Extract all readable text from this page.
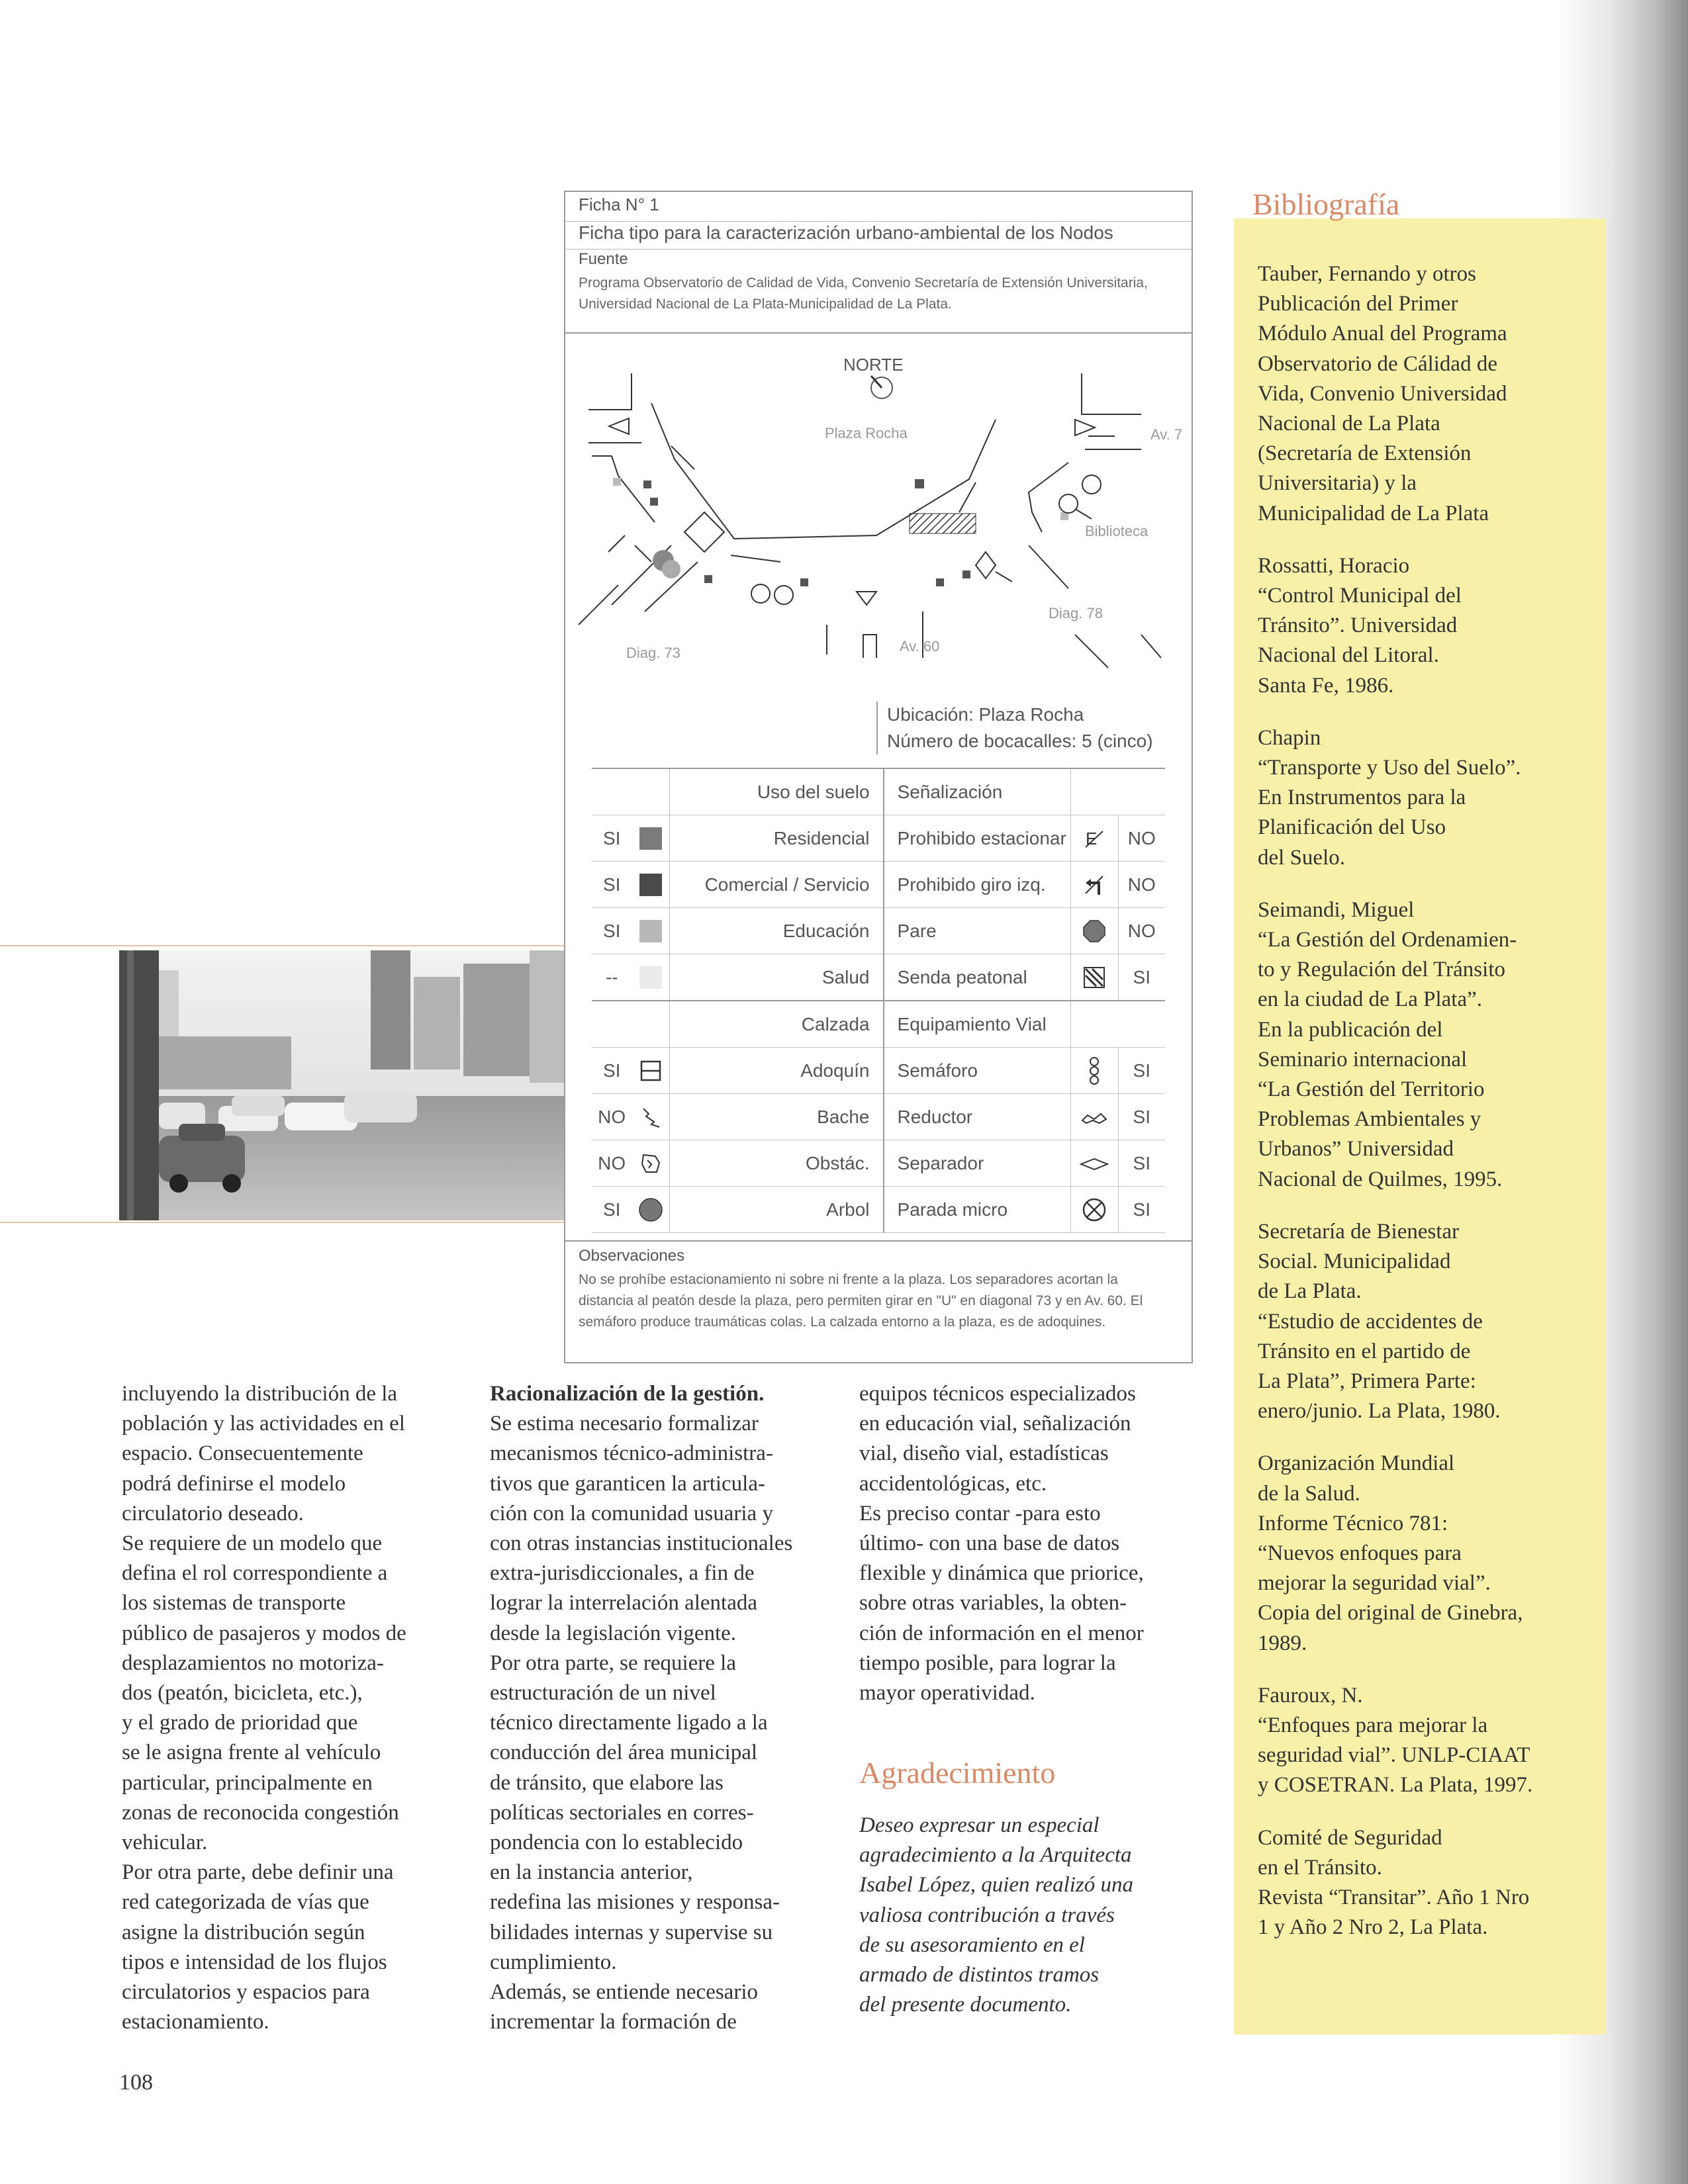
Ficha N° 1
Ficha tipo para la caracterización urbano-ambiental de los Nodos
Fuente
Programa Observatorio de Calidad de Vida, Convenio Secretaría de Extensión Universitaria, Universidad Nacional de La Plata-Municipalidad de La Plata.
NORTE
Plaza Rocha	Av. 7
Biblioteca
Diag. 78
Diag. 73	Av. 60
Ubicación: Plaza Rocha
Número de bocacalles: 5 (cinco)
		Uso del suelo	Señalización		
SI		Residencial	Prohibido estacionar	E	NO
SI		Comercial / Servicio	Prohibido giro izq.		NO
SI		Educación	Pare		NO
--		Salud	Senda peatonal		SI
		Calzada	Equipamiento Vial		
SI		Adoquín	Semáforo		SI
NO		Bache	Reductor		SI
NO		Obstác.	Separador		SI
SI		Arbol	Parada micro		SI
Observaciones
No se prohíbe estacionamiento ni sobre ni frente a la plaza. Los separadores acortan la distancia al peatón desde la plaza, pero permiten girar en "U" en diagonal 73 y en Av. 60. El semáforo produce traumáticas colas. La calzada entorno a la plaza, es de adoquines.

incluyendo la distribución de la

población y las actividades en el

espacio. Consecuentemente

podrá definirse el modelo

circulatorio deseado.

Se requiere de un modelo que

defina el rol correspondiente a

los sistemas de transporte

público de pasajeros y modos de

desplazamientos no motoriza-

dos (peatón, bicicleta, etc.),

y el grado de prioridad que

se le asigna frente al vehículo

particular, principalmente en

zonas de reconocida congestión

vehicular.

Por otra parte, debe definir una

red categorizada de vías que

asigne la distribución según

tipos e intensidad de los flujos

circulatorios y espacios para

estacionamiento.

Racionalización de la gestión.

Se estima necesario formalizar

mecanismos técnico-administra-

tivos que garanticen la articula-

ción con la comunidad usuaria y

con otras instancias institucionales

extra-jurisdiccionales, a fin de

lograr la interrelación alentada

desde la legislación vigente.

Por otra parte, se requiere la

estructuración de un nivel

técnico directamente ligado a la

conducción del área municipal

de tránsito, que elabore las

políticas sectoriales en corres-

pondencia con lo establecido

en la instancia anterior,

redefina las misiones y responsa-

bilidades internas y supervise su

cumplimiento.

Además, se entiende necesario

incrementar la formación de

equipos técnicos especializados

en educación vial, señalización

vial, diseño vial, estadísticas

accidentológicas, etc.

Es preciso contar -para esto

último- con una base de datos

flexible y dinámica que priorice,

sobre otras variables, la obten-

ción de información en el menor

tiempo posible, para lograr la

mayor operatividad.

Agradecimiento
Deseo expresar un especial
agradecimiento a la Arquitecta
Isabel López, quien realizó una
valiosa contribución a través
de su asesoramiento en el
armado de distintos tramos
del presente documento.

Tauber, Fernando y otros

Publicación del Primer

Módulo Anual del Programa

Observatorio de Cálidad de

Vida, Convenio Universidad

Nacional de La Plata

(Secretaría de Extensión

Universitaria) y la

Municipalidad de La Plata

Rossatti, Horacio

“Control Municipal del

Tránsito”. Universidad

Nacional del Litoral.

Santa Fe, 1986.

Chapin

“Transporte y Uso del Suelo”.

En Instrumentos para la

Planificación del Uso

del Suelo.

Seimandi, Miguel

“La Gestión del Ordenamien-

to y Regulación del Tránsito

en la ciudad de La Plata”.

En la publicación del

Seminario internacional

“La Gestión del Territorio

Problemas Ambientales y

Urbanos” Universidad

Nacional de Quilmes, 1995.

Secretaría de Bienestar

Social. Municipalidad

de La Plata.

“Estudio de accidentes de

Tránsito en el partido de

La Plata”, Primera Parte:

enero/junio. La Plata, 1980.

Organización Mundial

de la Salud.

Informe Técnico 781:

“Nuevos enfoques para

mejorar la seguridad vial”.

Copia del original de Ginebra,

1989.

Fauroux, N.

“Enfoques para mejorar la

seguridad vial”. UNLP-CIAAT

y COSETRAN. La Plata, 1997.

Comité de Seguridad

en el Tránsito.

Revista “Transitar”. Año 1 Nro

1 y Año 2 Nro 2, La Plata.

Bibliografía
108
